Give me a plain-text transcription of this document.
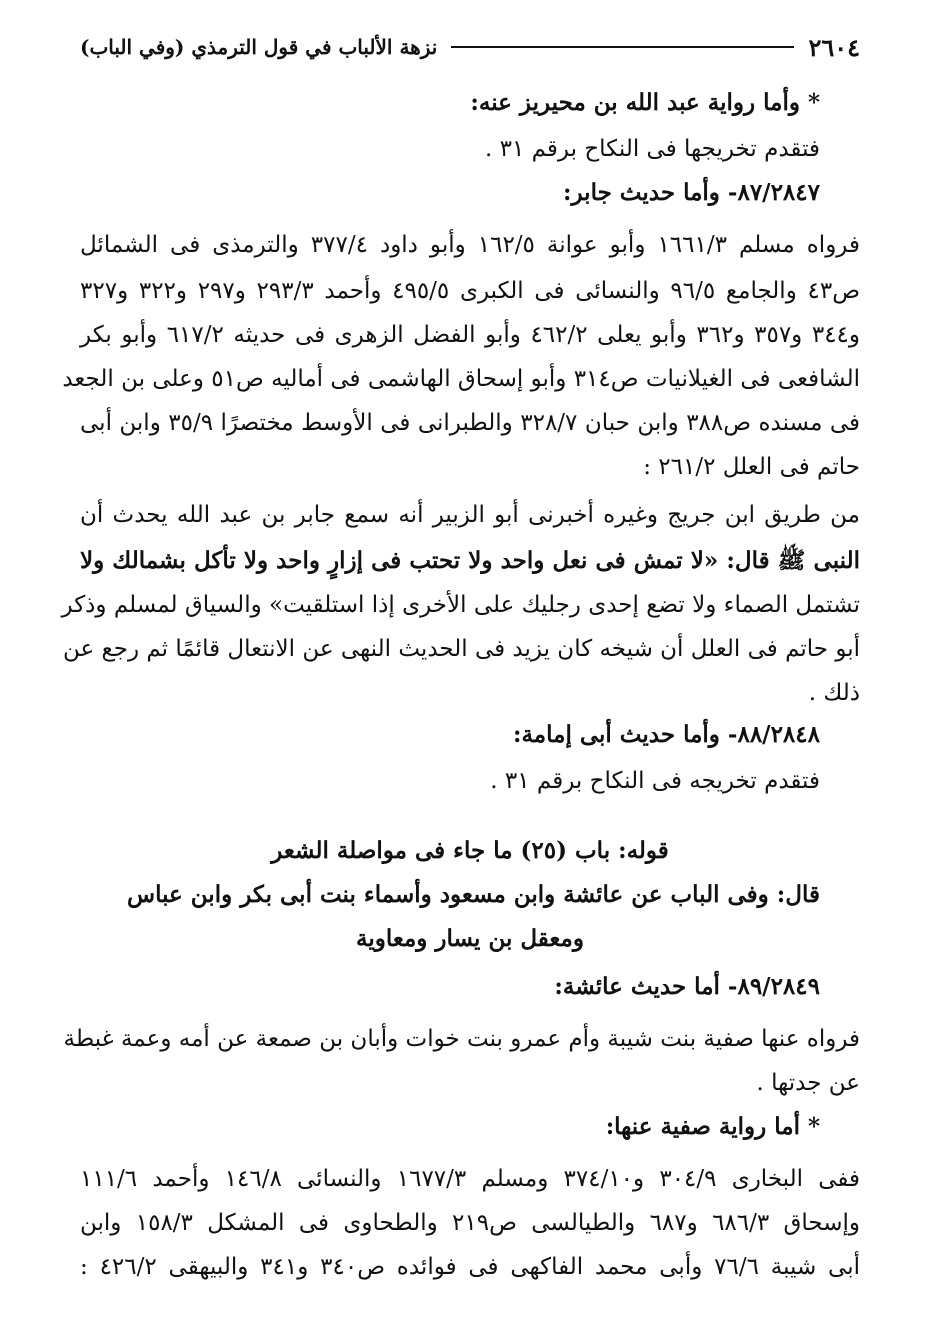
٢٦٠٤
نزهة الألباب في قول الترمذي (وفي الباب)
* وأما رواية عبد الله بن محيريز عنه:
فتقدم تخريجها فى النكاح برقم ٣١ .
٨٧/٢٨٤٧- وأما حديث جابر:
فرواه مسلم ١٦٦١/٣ وأبو عوانة ١٦٢/٥ وأبو داود ٣٧٧/٤ والترمذى فى الشمائل
ص٤٣ والجامع ٩٦/٥ والنسائى فى الكبرى ٤٩٥/٥ وأحمد ٢٩٣/٣ و٢٩٧ و٣٢٢ و٣٢٧
و٣٤٤ و٣٥٧ و٣٦٢ وأبو يعلى ٤٦٢/٢ وأبو الفضل الزهرى فى حديثه ٦١٧/٢ وأبو بكر
الشافعى فى الغيلانيات ص٣١٤ وأبو إسحاق الهاشمى فى أماليه ص٥١ وعلى بن الجعد
فى مسنده ص٣٨٨ وابن حبان ٣٢٨/٧ والطبرانى فى الأوسط مختصرًا ٣٥/٩ وابن أبى
حاتم فى العلل ٢٦١/٢ :
من طريق ابن جريج وغيره أخبرنى أبو الزبير أنه سمع جابر بن عبد الله يحدث أن
النبى ﷺ قال: «لا تمش فى نعل واحد ولا تحتب فى إزارٍ واحد ولا تأكل بشمالك ولا
تشتمل الصماء ولا تضع إحدى رجليك على الأخرى إذا استلقيت» والسياق لمسلم وذكر
أبو حاتم فى العلل أن شيخه كان يزيد فى الحديث النهى عن الانتعال قائمًا ثم رجع عن
ذلك .
٨٨/٢٨٤٨- وأما حديث أبى إمامة:
فتقدم تخريجه فى النكاح برقم ٣١ .
قوله: باب (٢٥) ما جاء فى مواصلة الشعر
قال: وفى الباب عن عائشة وابن مسعود وأسماء بنت أبى بكر وابن عباس
ومعقل بن يسار ومعاوية
٨٩/٢٨٤٩- أما حديث عائشة:
فرواه عنها صفية بنت شيبة وأم عمرو بنت خوات وأبان بن صمعة عن أمه وعمة غبطة
عن جدتها .
* أما رواية صفية عنها:
ففى البخارى ٣٠٤/٩ و٣٧٤/١٠ ومسلم ١٦٧٧/٣ والنسائى ١٤٦/٨ وأحمد ١١١/٦
وإسحاق ٦٨٦/٣ و٦٨٧ والطيالسى ص٢١٩ والطحاوى فى المشكل ١٥٨/٣ وابن
أبى شيبة ٧٦/٦ وأبى محمد الفاكهى فى فوائده ص٣٤٠ و٣٤١ والبيهقى ٤٢٦/٢ :
